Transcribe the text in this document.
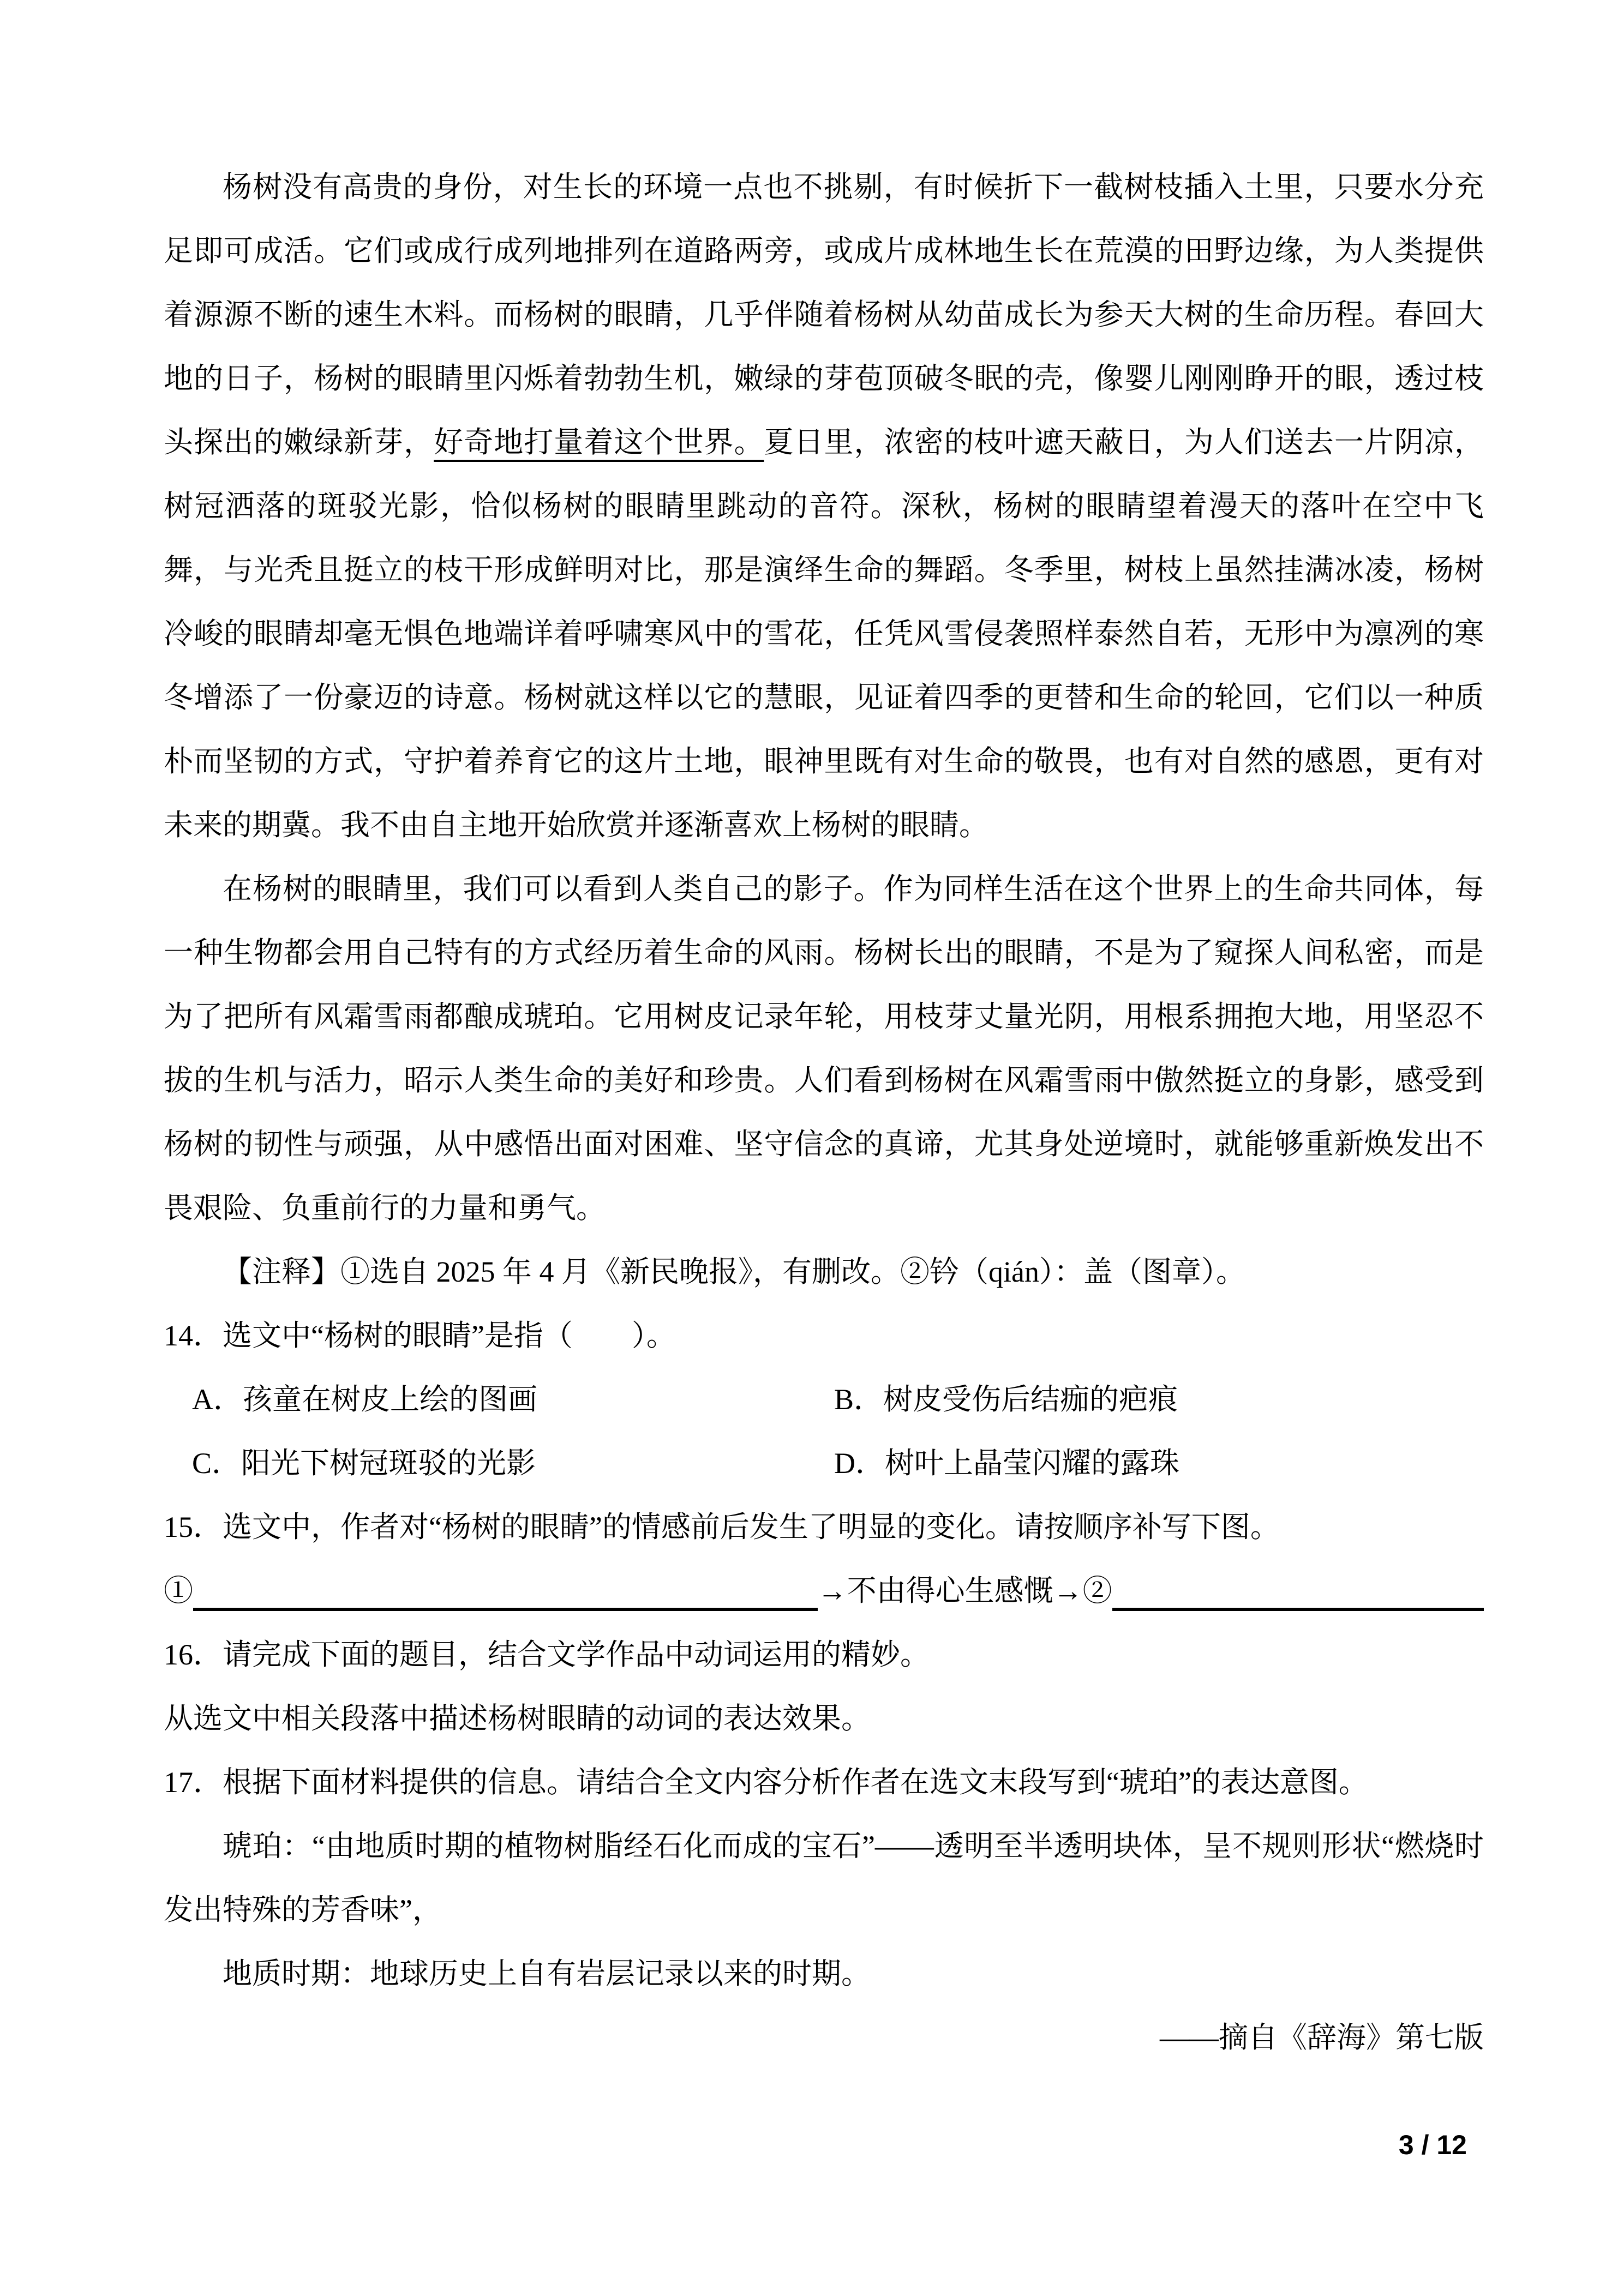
杨树没有高贵的身份，对生长的环境一点也不挑剔，有时候折下一截树枝插入土里，只要水分充足即可成活。它们或成行成列地排列在道路两旁，或成片成林地生长在荒漠的田野边缘，为人类提供着源源不断的速生木料。而杨树的眼睛，几乎伴随着杨树从幼苗成长为参天大树的生命历程。春回大地的日子，杨树的眼睛里闪烁着勃勃生机，嫩绿的芽苞顶破冬眠的壳，像婴儿刚刚睁开的眼，透过枝头探出的嫩绿新芽，好奇地打量着这个世界。夏日里，浓密的枝叶遮天蔽日，为人们送去一片阴凉，树冠洒落的斑驳光影，恰似杨树的眼睛里跳动的音符。深秋，杨树的眼睛望着漫天的落叶在空中飞舞，与光秃且挺立的枝干形成鲜明对比，那是演绎生命的舞蹈。冬季里，树枝上虽然挂满冰凌，杨树冷峻的眼睛却毫无惧色地端详着呼啸寒风中的雪花，任凭风雪侵袭照样泰然自若，无形中为凛冽的寒冬增添了一份豪迈的诗意。杨树就这样以它的慧眼，见证着四季的更替和生命的轮回，它们以一种质朴而坚韧的方式，守护着养育它的这片土地，眼神里既有对生命的敬畏，也有对自然的感恩，更有对未来的期冀。我不由自主地开始欣赏并逐渐喜欢上杨树的眼睛。

在杨树的眼睛里，我们可以看到人类自己的影子。作为同样生活在这个世界上的生命共同体，每一种生物都会用自己特有的方式经历着生命的风雨。杨树长出的眼睛，不是为了窥探人间私密，而是为了把所有风霜雪雨都酿成琥珀。它用树皮记录年轮，用枝芽丈量光阴，用根系拥抱大地，用坚忍不拔的生机与活力，昭示人类生命的美好和珍贵。人们看到杨树在风霜雪雨中傲然挺立的身影，感受到杨树的韧性与顽强，从中感悟出面对困难、坚守信念的真谛，尤其身处逆境时，就能够重新焕发出不畏艰险、负重前行的力量和勇气。

【注释】①选自 2025 年 4 月《新民晚报》，有删改。②钤（qián）：盖（图章）。

14．选文中“杨树的眼睛”是指（　　）。

A．孩童在树皮上绘的图画	B．树皮受伤后结痂的疤痕
C．阳光下树冠斑驳的光影	D．树叶上晶莹闪耀的露珠

15．选文中，作者对“杨树的眼睛”的情感前后发生了明显的变化。请按顺序补写下图。

①	→不由得心生感慨→ ②

16．请完成下面的题目，结合文学作品中动词运用的精妙。

从选文中相关段落中描述杨树眼睛的动词的表达效果。

17．根据下面材料提供的信息。请结合全文内容分析作者在选文末段写到“琥珀”的表达意图。

琥珀：“由地质时期的植物树脂经石化而成的宝石”——透明至半透明块体，呈不规则形状“燃烧时发出特殊的芳香味”，

地质时期：地球历史上自有岩层记录以来的时期。

——摘自《辞海》第七版

3 / 12
